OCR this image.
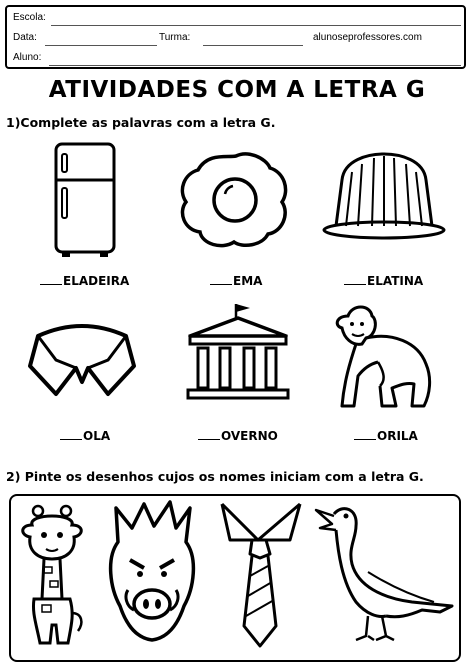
Escola:
Data:	Turma:	alunoseprofessores.com
Aluno:
ATIVIDADES COM A LETRA G
1)Complete as palavras com a letra G.
ELADEIRA	EMA	ELATINA
OLA	OVERNO	ORILA
2) Pinte os desenhos cujos os nomes iniciam com a letra G.
